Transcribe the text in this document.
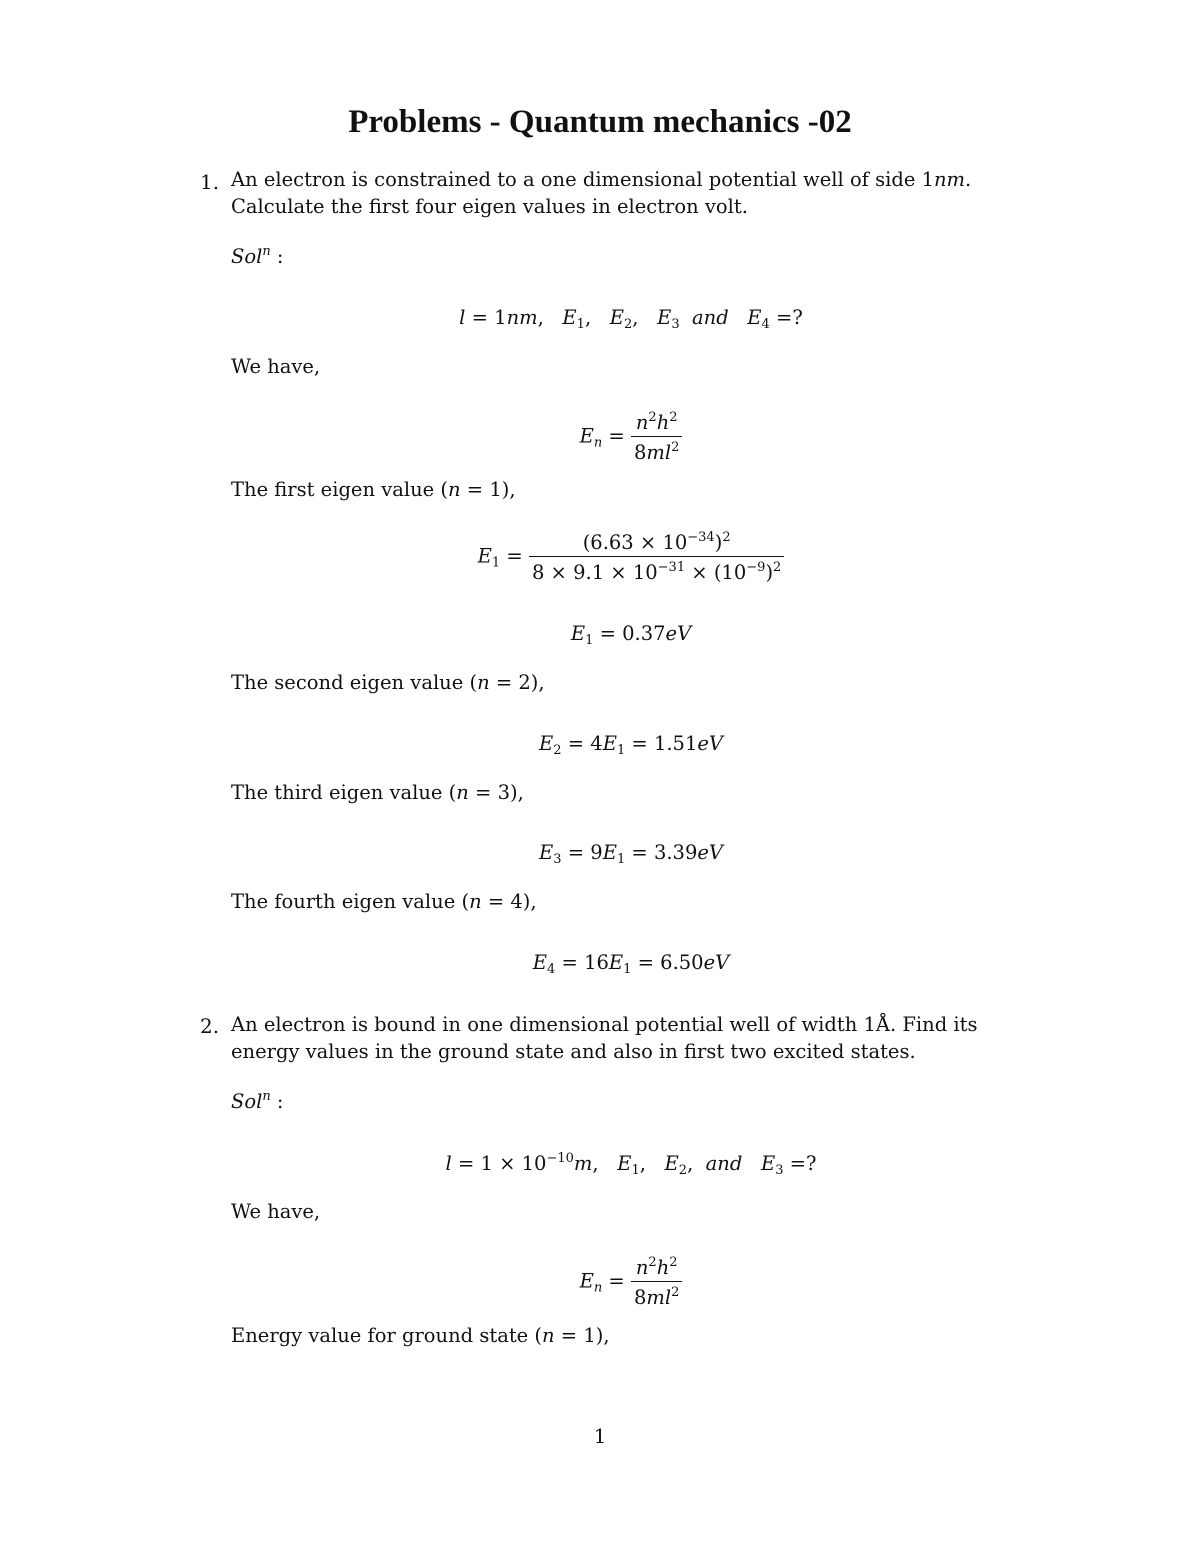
Problems - Quantum mechanics -02
1. An electron is constrained to a one dimensional potential well of side 1nm. Calculate the first four eigen values in electron volt.
Sol$^n$ :
l = 1nm,   $E_1$,   $E_2$,   $E_3$ and $E_4$ =?
We have,
$E_n = \frac{n^2h^2}{8ml^2}$
The first eigen value (n = 1),
$E_1 = \frac{(6.63 \times 10^{-34})^2}{8 \times 9.1 \times 10^{-31} \times (10^{-9})^2}$
$E_1 = 0.37eV$
The second eigen value (n = 2),
$E_2 = 4E_1 = 1.51eV$
The third eigen value (n = 3),
$E_3 = 9E_1 = 3.39eV$
The fourth eigen value (n = 4),
$E_4 = 16E_1 = 6.50eV$
2. An electron is bound in one dimensional potential well of width 1Å. Find its energy values in the ground state and also in first two excited states.
Sol$^n$ :
$l = 1 \times 10^{-10}m$,   $E_1$,   $E_2$,  and $E_3$ =?
We have,
$E_n = \frac{n^2h^2}{8ml^2}$
Energy value for ground state (n = 1),
1
